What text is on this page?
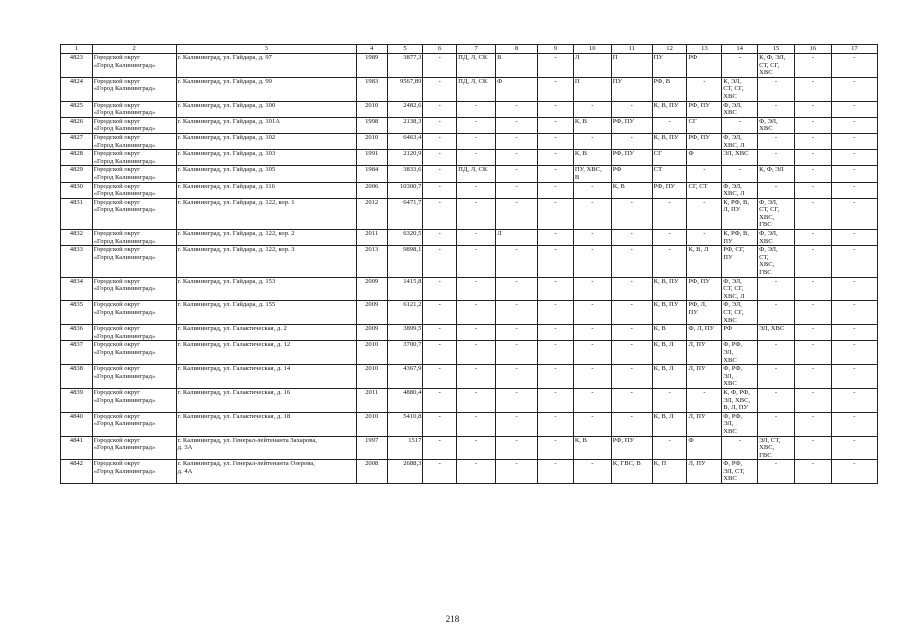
1	2	3	4	5	6	7	8	9	10	11	12	13	14	15	16	17
4823	Городской округ
«Город Калининград»	г. Калининград, ул. Гайдара, д. 97	1989	3877,3	-	ПД, Л, СК	В	-	Л	П	ПУ	РФ	-	К, Ф, ЭЛ,
СТ, СГ,
ХВС	-	-
4824	Городской округ
«Город Калининград»	г. Калининград, ул. Гайдара, д. 99	1983	9567,89	-	ПД, Л, СК	Ф	-	П	ПУ	РФ, В	-	К, ЭЛ,
СТ, СГ,
ХВС	-	-	-
4825	Городской округ
«Город Калининград»	г. Калининград, ул. Гайдара, д. 100	2010	2482,6	-	-	-	-	-	-	К, В, ПУ	РФ, ПУ	Ф, ЭЛ,
ХВС	-	-	-
4826	Городской округ
«Город Калининград»	г. Калининград, ул. Гайдара, д. 101А	1998	2138,3	-	-	-	-	К, В	РФ, ПУ	-	СГ	-	Ф, ЭЛ,
ХВС	-	-
4827	Городской округ
«Город Калининград»	г. Калининград, ул. Гайдара, д. 102	2010	6463,4	-	-	-	-	-	-	К, В, ПУ	РФ, ПУ	Ф, ЭЛ,
ХВС, Л	-	-	-
4828	Городской округ
«Город Калининград»	г. Калининград, ул. Гайдара, д. 103	1991	2120,9	-	-	-	-	К, В	РФ, ПУ	СГ	Ф	ЭЛ, ХВС	-	-	-
4829	Городской округ
«Город Калининград»	г. Калининград, ул. Гайдара, д. 105	1984	3833,6	-	ПД, Л, СК	-	-	ПУ, ХВС,
В	РФ	СТ	-	-	К, Ф, ЭЛ	-	-
4830	Городской округ
«Город Калининград»	г. Калининград, ул. Гайдара, д. 116	2006	10300,7	-	-	-	-	-	К, В	РФ, ПУ	СГ, СТ	Ф, ЭЛ,
ХВС, Л	-	-	-
4831	Городской округ
«Город Калининград»	г. Калининград, ул. Гайдара, д. 122, кор. 1	2012	6471,7	-	-	-	-	-	-	-	-	К, РФ, В,
Л, ПУ	Ф, ЭЛ,
СТ, СГ,
ХВС,
ГВС	-	-
4832	Городской округ
«Город Калининград»	г. Калининград, ул. Гайдара, д. 122, кор. 2	2011	6320,5	-	-	Л	-	-	-	-	-	К, РФ, В,
ПУ	Ф, ЭЛ,
ХВС	-	-
4833	Городской округ
«Город Калининград»	г. Калининград, ул. Гайдара, д. 122, кор. 3	2013	9898,1	-	-	-	-	-	-	-	К, В, Л	РФ, СГ,
ПУ	Ф, ЭЛ,
СТ,
ХВС,
ГВС	-	-
4834	Городской округ
«Город Калининград»	г. Калининград, ул. Гайдара, д. 153	2009	1415,8	-	-	-	-	-	-	К, В, ПУ	РФ, ПУ	Ф, ЭЛ,
СТ, СГ,
ХВС, Л	-	-	-
4835	Городской округ
«Город Калининград»	г. Калининград, ул. Гайдара, д. 155	2009	6121,2	-	-	-	-	-	-	К, В, ПУ	РФ, Л,
ПУ	Ф, ЭЛ,
СТ, СГ,
ХВС	-	-	-
4836	Городской округ
«Город Калининград»	г. Калининград, ул. Галактическая, д. 2	2009	3899,5	-	-	-	-	-	-	К, В	Ф, Л, ПУ	РФ	ЭЛ, ХВС	-	-
4837	Городской округ
«Город Калининград»	г. Калининград, ул. Галактическая, д. 12	2010	3700,7	-	-	-	-	-	-	К, В, Л	Л, ПУ	Ф, РФ,
ЭЛ,
ХВС	-	-	-
4838	Городской округ
«Город Калининград»	г. Калининград, ул. Галактическая, д. 14	2010	4367,9	-	-	-	-	-	-	К, В, Л	Л, ПУ	Ф, РФ,
ЭЛ,
ХВС	-	-	-
4839	Городской округ
«Город Калининград»	г. Калининград, ул. Галактическая, д. 16	2011	4880,4	-	-	-	-	-	-	-	-	К, Ф, РФ,
ЭЛ, ХВС,
В, Л, ПУ	-	-	-
4840	Городской округ
«Город Калининград»	г. Калининград, ул. Галактическая, д. 18	2010	5410,8	-	-	-	-	-	-	К, В, Л	Л, ПУ	Ф, РФ,
ЭЛ,
ХВС	-	-	-
4841	Городской округ
«Город Калининград»	г. Калининград, ул. Генерал-лейтенанта Захарова,
д. 3А	1997	1517	-	-	-	-	К, В	РФ, ПУ	-	Ф	-	ЭЛ, СТ,
ХВС,
ГВС	-	-
4842	Городской округ
«Город Калининград»	г. Калининград, ул. Генерал-лейтенанта Озерова,
д. 4А	2008	2688,3	-	-	-	-	-	К, ГВС, В	К, П	Л, ПУ	Ф, РФ,
ЭЛ, СТ,
ХВС	-	-	-
218
